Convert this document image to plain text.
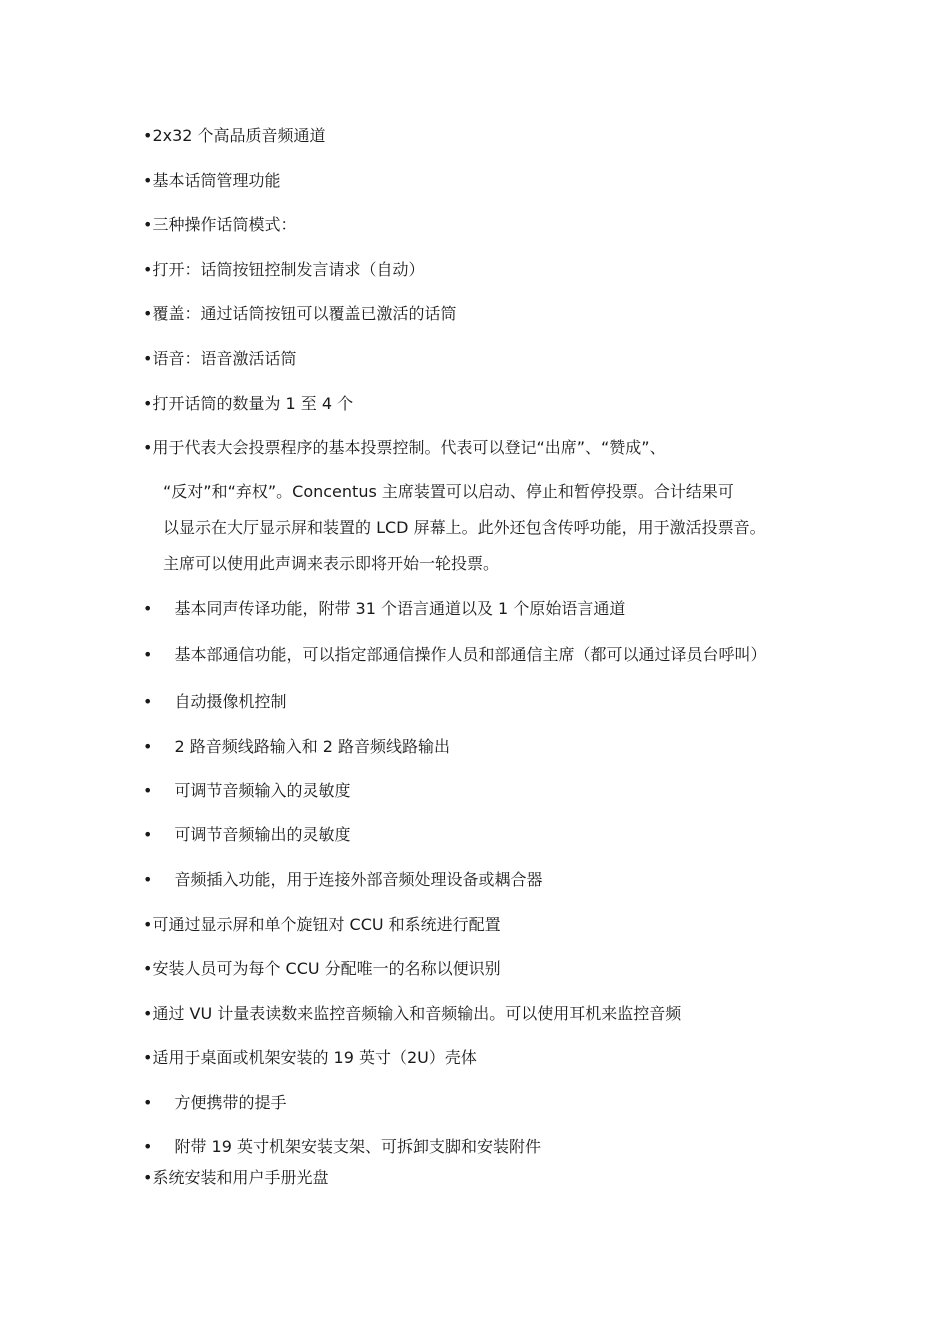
•2x32 个高品质音频通道
•基本话筒管理功能
•三种操作话筒模式：
•打开：话筒按钮控制发言请求（自动）
•覆盖：通过话筒按钮可以覆盖已激活的话筒
•语音：语音激活话筒
•打开话筒的数量为 1 至 4 个
•用于代表大会投票程序的基本投票控制。代表可以登记“出席”、“赞成”、
“反对”和“弃权”。Concentus 主席装置可以启动、停止和暂停投票。合计结果可
以显示在大厅显示屏和装置的 LCD 屏幕上。此外还包含传呼功能，用于激活投票音。
主席可以使用此声调来表示即将开始一轮投票。
• 基本同声传译功能，附带 31 个语言通道以及 1 个原始语言通道
• 基本部通信功能，可以指定部通信操作人员和部通信主席（都可以通过译员台呼叫）
• 自动摄像机控制
• 2 路音频线路输入和 2 路音频线路输出
• 可调节音频输入的灵敏度
• 可调节音频输出的灵敏度
• 音频插入功能，用于连接外部音频处理设备或耦合器
•可通过显示屏和单个旋钮对 CCU 和系统进行配置
•安装人员可为每个 CCU 分配唯一的名称以便识别
•通过 VU 计量表读数来监控音频输入和音频输出。可以使用耳机来监控音频
•适用于桌面或机架安装的 19 英寸（2U）壳体
• 方便携带的提手
• 附带 19 英寸机架安装支架、可拆卸支脚和安装附件
•系统安装和用户手册光盘
